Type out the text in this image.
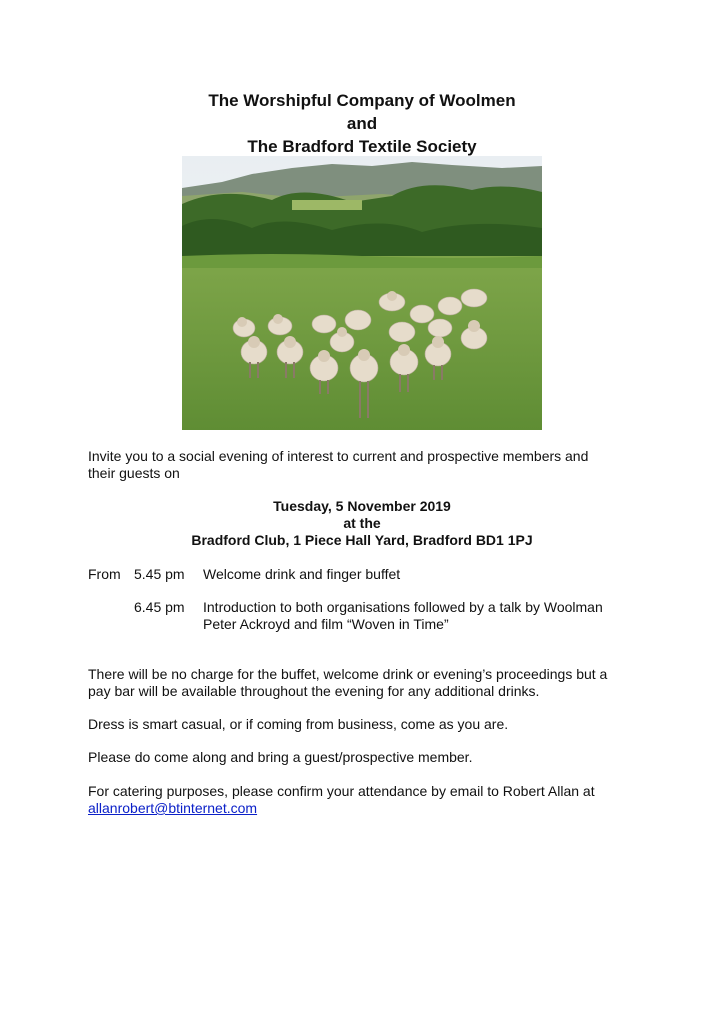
The Worshipful Company of Woolmen
and
The Bradford Textile Society

Invite you to a social evening of interest to current and prospective members and

their guests on

Tuesday, 5 November 2019
at the
Bradford Club, 1 Piece Hall Yard, Bradford BD1 1PJ
From 5.45 pm Welcome drink and finger buffet
6.45 pm Introduction to both organisations followed by a talk by Woolman
Peter Ackroyd and film “Woven in Time”

There will be no charge for the buffet, welcome drink or evening’s proceedings but a

pay bar will be available throughout the evening for any additional drinks.

Dress is smart casual, or if coming from business, come as you are.

Please do come along and bring a guest/prospective member.

For catering purposes, please confirm your attendance by email to Robert Allan at

allanrobert@btinternet.com
